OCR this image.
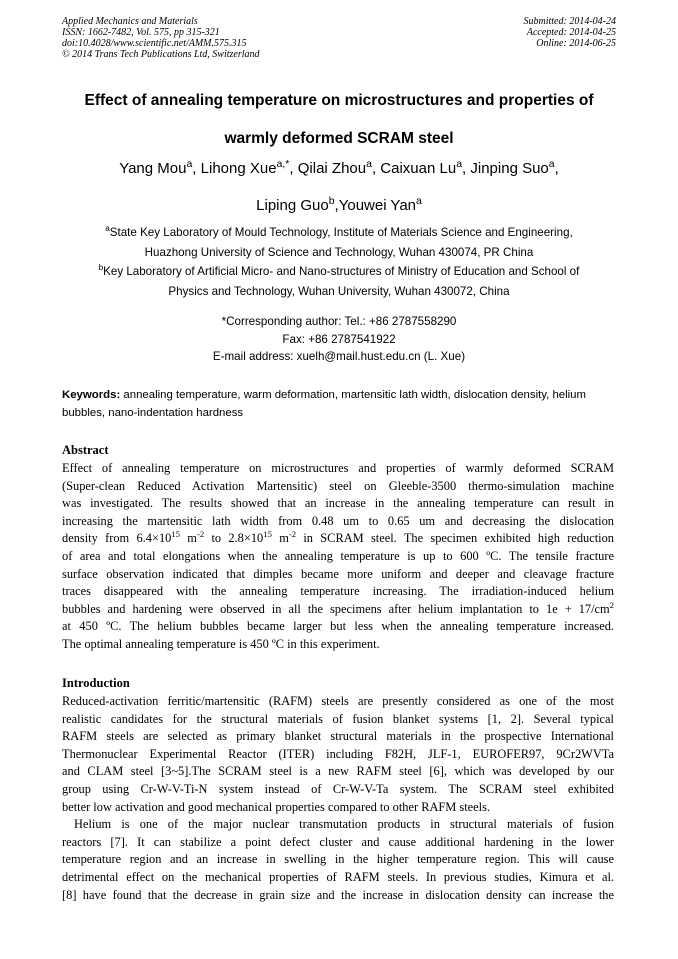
Applied Mechanics and Materials
ISSN: 1662-7482, Vol. 575, pp 315-321
doi:10.4028/www.scientific.net/AMM.575.315
© 2014 Trans Tech Publications Ltd, Switzerland
Submitted: 2014-04-24
Accepted: 2014-04-25
Online: 2014-06-25
Effect of annealing temperature on microstructures and properties of
warmly deformed SCRAM steel
Yang Mou$^a$, Lihong Xue$^{a,*}$, Qilai Zhou$^a$, Caixuan Lu$^a$, Jinping Suo$^a$,
Liping Guo$^b$,Youwei Yan$^a$
$^a$State Key Laboratory of Mould Technology, Institute of Materials Science and Engineering,
Huazhong University of Science and Technology, Wuhan 430074, PR China
$^b$Key Laboratory of Artificial Micro- and Nano-structures of Ministry of Education and School of
Physics and Technology, Wuhan University, Wuhan 430072, China
*Corresponding author: Tel.: +86 2787558290
Fax: +86 2787541922
E-mail address: xuelh@mail.hust.edu.cn (L. Xue)
Keywords: annealing temperature, warm deformation, martensitic lath width, dislocation density, helium bubbles, nano-indentation hardness
Abstract
Effect of annealing temperature on microstructures and properties of warmly deformed SCRAM
(Super-clean Reduced Activation Martensitic) steel on Gleeble-3500 thermo-simulation machine
was investigated. The results showed that an increase in the annealing temperature can result in
increasing the martensitic lath width from 0.48 um to 0.65 um and decreasing the dislocation
density from $6.4\times 10^{15}$ $m^{-2}$ to $2.8\times 10^{15}$ $m^{-2}$ in SCRAM steel. The specimen exhibited high reduction
of area and total elongations when the annealing temperature is up to 600 ºC. The tensile fracture
surface observation indicated that dimples became more uniform and deeper and cleavage fracture
traces disappeared with the annealing temperature increasing. The irradiation-induced helium
bubbles and hardening were observed in all the specimens after helium implantation to $1e + 17/cm^2$
at 450 ºC. The helium bubbles became larger but less when the annealing temperature increased.
The optimal annealing temperature is 450 ºC in this experiment.
Introduction
Reduced-activation ferritic/martensitic (RAFM) steels are presently considered as one of the most
realistic candidates for the structural materials of fusion blanket systems [1, 2]. Several typical
RAFM steels are selected as primary blanket structural materials in the prospective International
Thermonuclear Experimental Reactor (ITER) including F82H, JLF-1, EUROFER97, 9Cr2WVTa
and CLAM steel [3~5].The SCRAM steel is a new RAFM steel [6], which was developed by our
group using Cr-W-V-Ti-N system instead of Cr-W-V-Ta system. The SCRAM steel exhibited
better low activation and good mechanical properties compared to other RAFM steels.
Helium is one of the major nuclear transmutation products in structural materials of fusion
reactors [7]. It can stabilize a point defect cluster and cause additional hardening in the lower
temperature region and an increase in swelling in the higher temperature region. This will cause
detrimental effect on the mechanical properties of RAFM steels. In previous studies, Kimura et al.
[8] have found that the decrease in grain size and the increase in dislocation density can increase the
